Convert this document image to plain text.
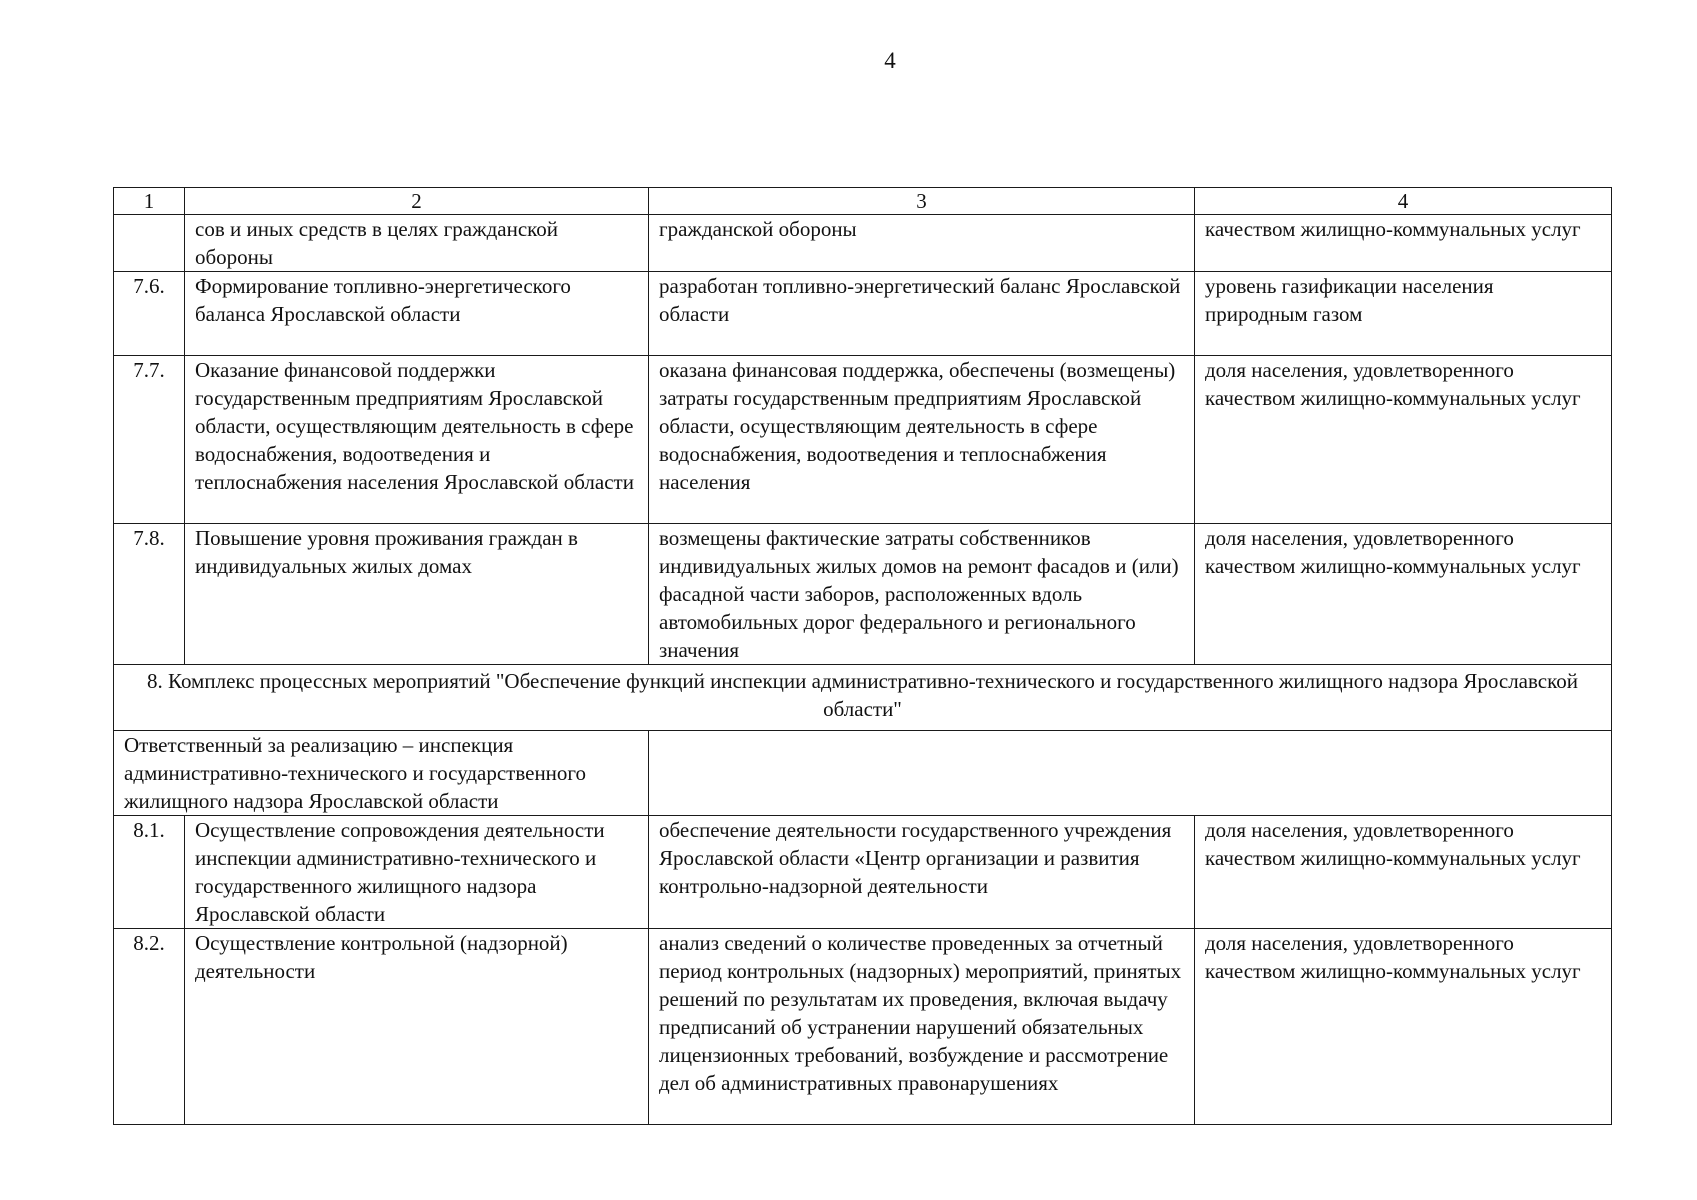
4
1	2	3	4
	сов и иных средств в целях гражданской обороны	гражданской обороны	качеством жилищно-коммунальных услуг
7.6.	Формирование топливно-энергетического баланса Ярославской области	разработан топливно-энергетический баланс Ярославской области	уровень газификации населения природным газом
7.7.	Оказание финансовой поддержки государственным предприятиям Ярославской области, осуществляющим деятельность в сфере водоснабжения, водоотведения и теплоснабжения населения Ярославской области	оказана финансовая поддержка, обеспечены (возмещены) затраты государственным предприятиям Ярославской области, осуществляющим деятельность в сфере водоснабжения, водоотведения и теплоснабжения населения	доля населения, удовлетворенного качеством жилищно-коммунальных услуг
7.8.	Повышение уровня проживания граждан в индивидуальных жилых домах	возмещены фактические затраты собственников индивидуальных жилых домов на ремонт фасадов и (или) фасадной части заборов, расположенных вдоль автомобильных дорог федерального и регионального значения	доля населения, удовлетворенного качеством жилищно-коммунальных услуг
8. Комплекс процессных мероприятий "Обеспечение функций инспекции административно-технического и государственного жилищного надзора Ярославской области"			
Ответственный за реализацию – инспекция административно-технического и государственного жилищного надзора Ярославской области			
8.1.	Осуществление сопровождения деятельности инспекции административно-технического и государственного жилищного надзора Ярославской области	обеспечение деятельности государственного учреждения Ярославской области «Центр организации и развития контрольно-надзорной деятельности	доля населения, удовлетворенного качеством жилищно-коммунальных услуг
8.2.	Осуществление контрольной (надзорной) деятельности	анализ сведений о количестве проведенных за отчетный период контрольных (надзорных) мероприятий, принятых решений по результатам их проведения, включая выдачу предписаний об устранении нарушений обязательных лицензионных требований, возбуждение и рассмотрение дел об административных правонарушениях	доля населения, удовлетворенного качеством жилищно-коммунальных услуг
